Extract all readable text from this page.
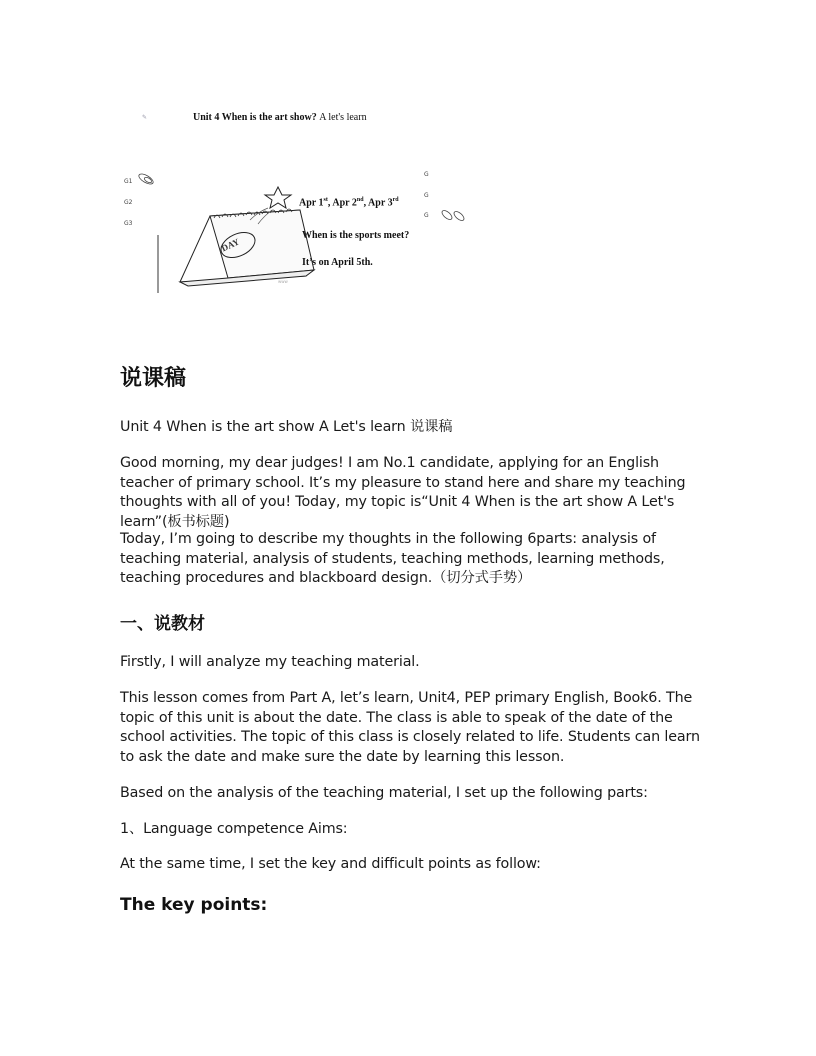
✎	Unit 4 When is the art show? A let's learn
G1
G2
G3
G
G
G
www
DAY
Apr 1st, Apr 2nd, Apr 3rd
When is the sports meet?
It’s on April 5th.
说课稿

Unit 4 When is the art show A Let's learn 说课稿

Good morning, my dear judges! I am No.1 candidate, applying for an English teacher of primary school. It’s my pleasure to stand here and share my teaching thoughts with all of you! Today, my topic is“Unit 4 When is the art show A Let's learn”(板书标题)

Today, I’m going to describe my thoughts in the following 6parts: analysis of teaching material, analysis of students, teaching methods, learning methods, teaching procedures and blackboard design.（切分式手势）

一、说教材

Firstly, I will analyze my teaching material.

This lesson comes from Part A, let’s learn, Unit4, PEP primary English, Book6. The topic of this unit is about the date. The class is able to speak of the date of the school activities. The topic of this class is closely related to life. Students can learn to ask the date and make sure the date by learning this lesson.

Based on the analysis of the teaching material, I set up the following parts:

1、Language competence Aims:

At the same time, I set the key and difficult points as follow:

The key points:
